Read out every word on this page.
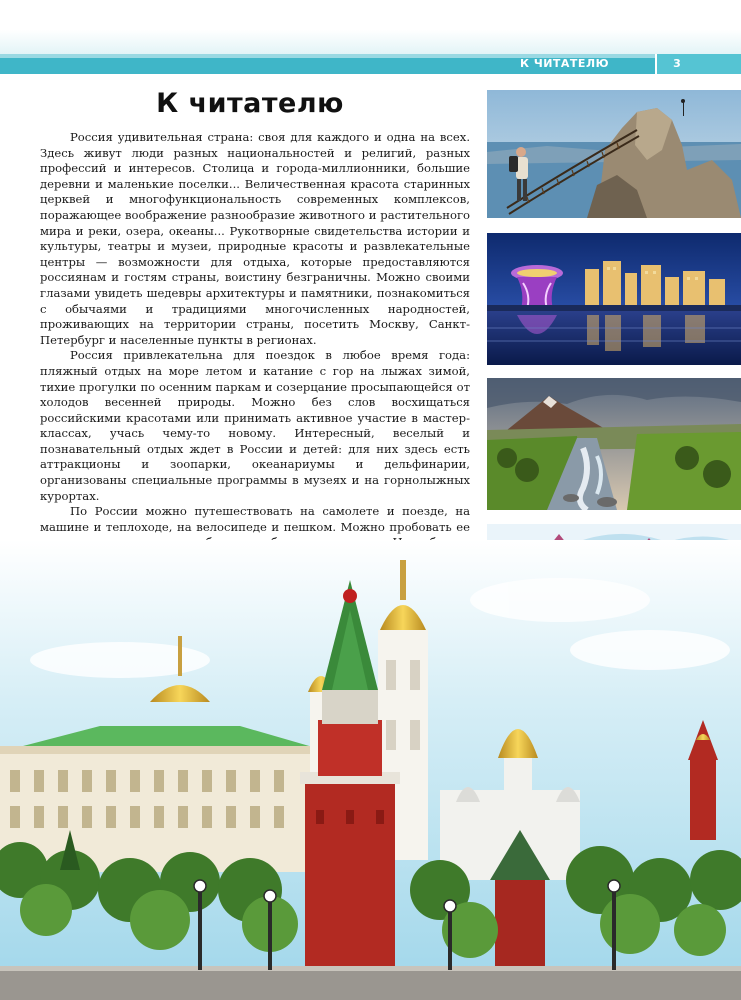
К ЧИТАТЕЛЮ	3
К читателю

Россия удивительная страна: своя для каждого и одна на всех. Здесь живут люди разных национальностей и религий, разных профессий и интересов. Столица и города-миллионники, большие деревни и маленькие поселки... Величественная красота старинных церквей и многофункциональность современных комплексов, поражающее воображение разнообразие животного и растительного мира и реки, озера, океаны... Рукотворные свидетельства истории и культуры, театры и музеи, природные красоты и развлекательные центры — возможности для отдыха, которые предоставляются россиянам и гостям страны, воистину безграничны. Можно своими глазами увидеть шедевры архитектуры и памятники, познакомиться с обычаями и традициями многочисленных народностей, проживающих на территории страны, посетить Москву, Санкт-Петербург и населенные пункты в регионах.

Россия привлекательна для поездок в любое время года: пляжный отдых на море летом и катание с гор на лыжах зимой, тихие прогулки по осенним паркам и созерцание просыпающейся от холодов весенней природы. Можно без слов восхищаться российскими красотами или принимать активное участие в мастер-классах, учась чему-то новому. Интересный, веселый и познавательный отдых ждет в России и детей: для них здесь есть аттракционы и зоопарки, океанариумы и дельфинарии, организованы специальные программы в музеях и на горнолыжных курортах.

По России можно путешествовать на самолете и поезде, на машине и теплоходе, на велосипеде и пешком. Можно пробовать ее
